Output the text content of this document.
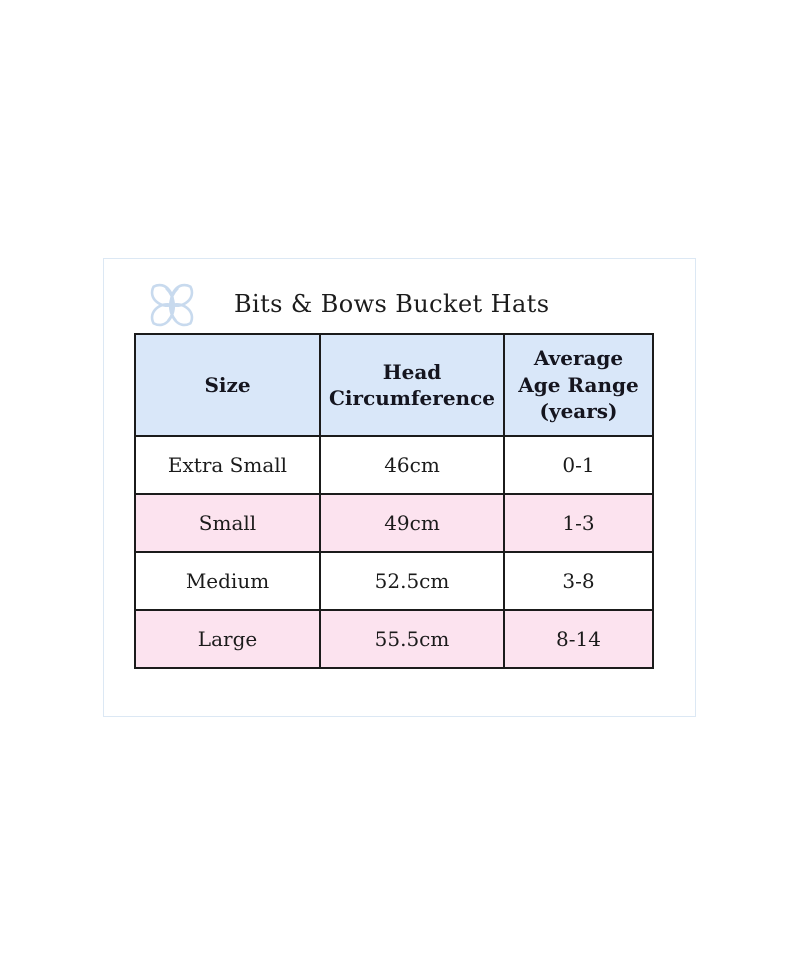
Bits & Bows Bucket Hats
Size	Head Circumference	Average Age Range (years)
Extra Small	46cm	0-1
Small	49cm	1-3
Medium	52.5cm	3-8
Large	55.5cm	8-14
